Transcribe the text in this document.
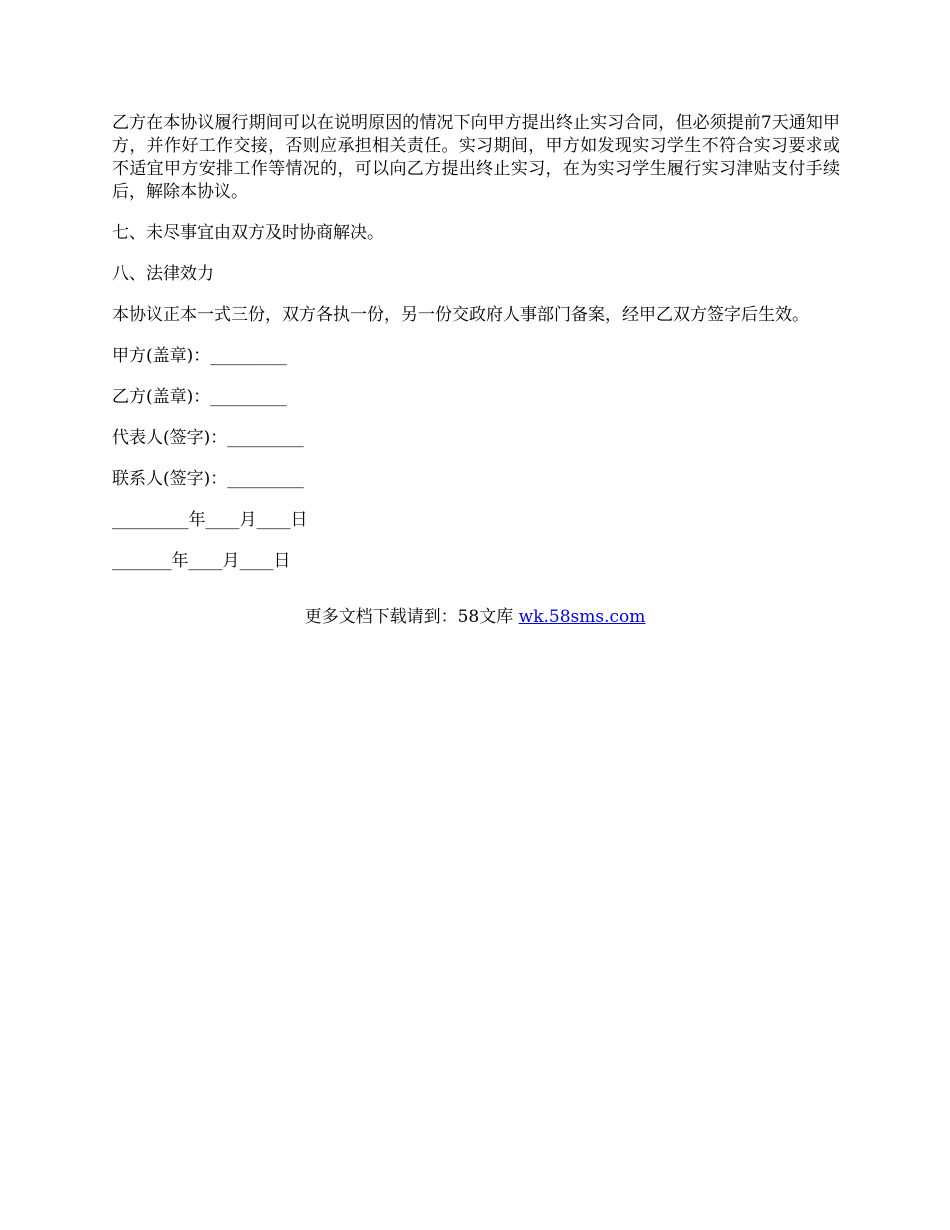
乙方在本协议履行期间可以在说明原因的情况下向甲方提出终止实习合同，但必须提前7天通知甲方，并作好工作交接，否则应承担相关责任。实习期间，甲方如发现实习学生不符合实习要求或不适宜甲方安排工作等情况的，可以向乙方提出终止实习，在为实习学生履行实习津贴支付手续后，解除本协议。

七、未尽事宜由双方及时协商解决。

八、法律效力

本协议正本一式三份，双方各执一份，另一份交政府人事部门备案，经甲乙双方签字后生效。

甲方(盖章)：_________

乙方(盖章)：_________

代表人(签字)：_________

联系人(签字)：_________

_________年____月____日

_______年____月____日

更多文档下载请到：58文库 wk.58sms.com
